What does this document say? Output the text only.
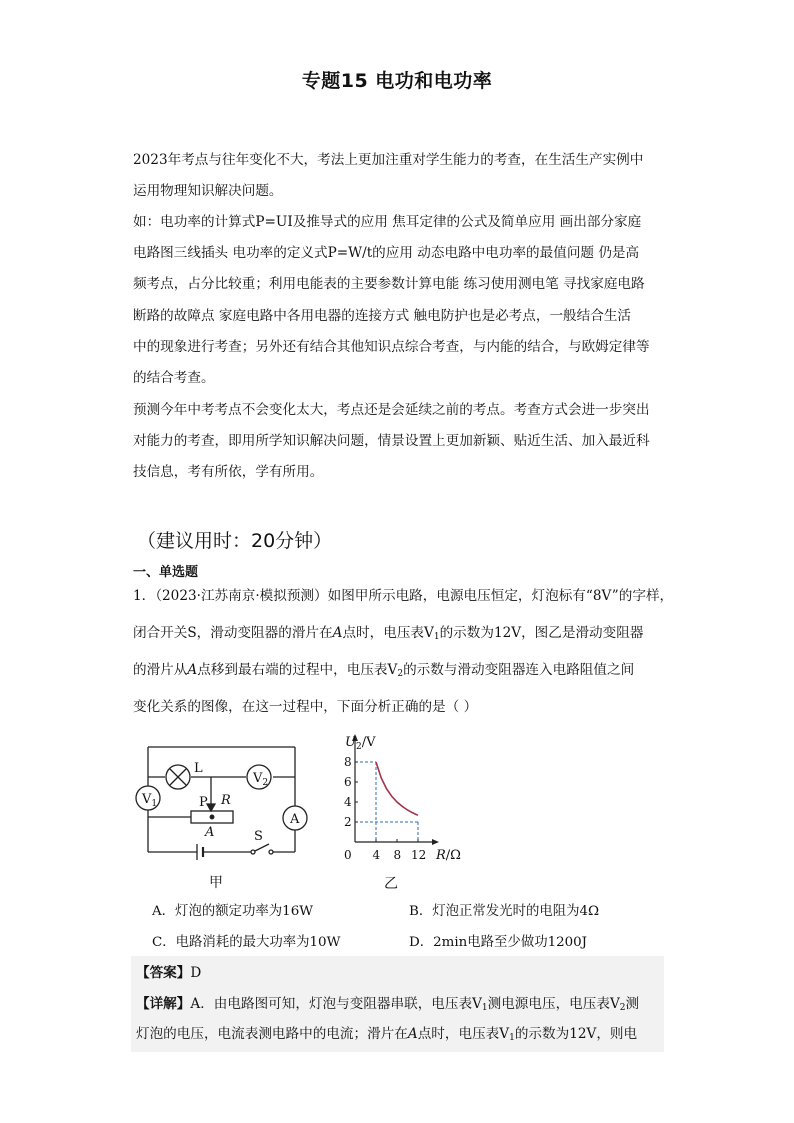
专题15 电功和电功率
2023年考点与往年变化不大，考法上更加注重对学生能力的考查，在生活生产实例中
运用物理知识解决问题。
如：电功率的计算式P=UI及推导式的应用 焦耳定律的公式及简单应用 画出部分家庭
电路图三线插头 电功率的定义式P=W/t的应用 动态电路中电功率的最值问题 仍是高
频考点，占分比较重；利用电能表的主要参数计算电能 练习使用测电笔 寻找家庭电路
断路的故障点 家庭电路中各用电器的连接方式 触电防护也是必考点，一般结合生活
中的现象进行考查；另外还有结合其他知识点综合考查，与内能的结合，与欧姆定律等
的结合考查。
预测今年中考考点不会变化太大，考点还是会延续之前的考点。考查方式会进一步突出
对能力的考查，即用所学知识解决问题，情景设置上更加新颖、贴近生活、加入最近科
技信息，考有所依，学有所用。
（建议用时：20分钟）
一、单选题
1．（2023·江苏南京·模拟预测）如图甲所示电路，电源电压恒定，灯泡标有“8V”的字样，
闭合开关S，滑动变阻器的滑片在A点时，电压表$V_1$的示数为12V，图乙是滑动变阻器
的滑片从A点移到最右端的过程中，电压表$V_2$的示数与滑动变阻器连入电路阻值之间
变化关系的图像，在这一过程中，下面分析正确的是（ ）
L
$V_2$
$V_1$
A
P R
A	S
甲
2
4
6
8
0 4 8 12
$U_2/V$
R/Ω
乙
A．灯泡的额定功率为16W	B．灯泡正常发光时的电阻为4Ω
C．电路消耗的最大功率为10W	D．2min电路至少做功1200J
【答案】D
【详解】A．由电路图可知，灯泡与变阻器串联，电压表$V_1$测电源电压，电压表$V_2$测
灯泡的电压，电流表测电路中的电流；滑片在A点时，电压表$V_1$的示数为12V，则电
